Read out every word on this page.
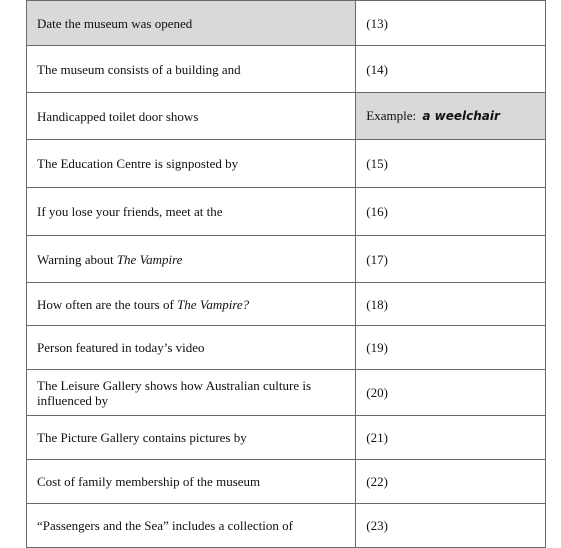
Date the museum was opened	(13)
The museum consists of a building and	(14)
Handicapped toilet door shows	Example: a weelchair
The Education Centre is signposted by	(15)
If you lose your friends, meet at the	(16)
Warning about The Vampire	(17)
How often are the tours of The Vampire?	(18)
Person featured in today’s video	(19)
The Leisure Gallery shows how Australian culture is influenced by	(20)
The Picture Gallery contains pictures by	(21)
Cost of family membership of the museum	(22)
“Passengers and the Sea” includes a collection of	(23)
